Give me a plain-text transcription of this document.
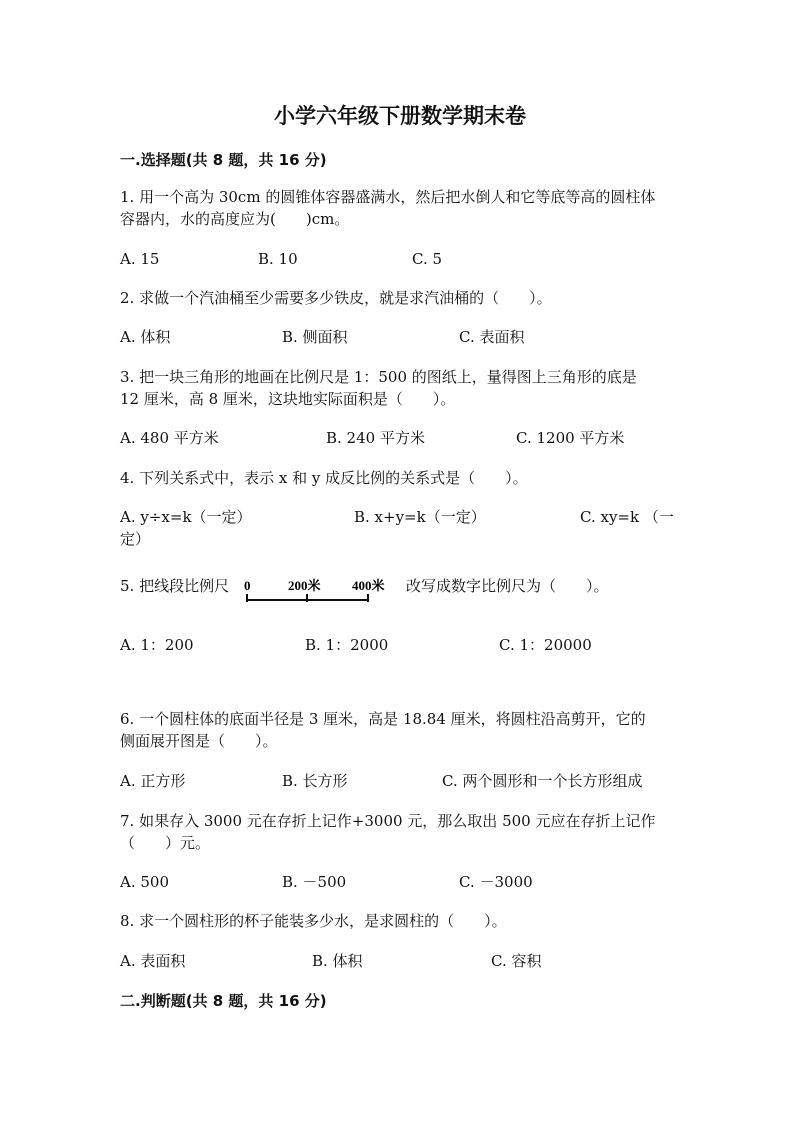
小学六年级下册数学期末卷
一.选择题(共 8 题，共 16 分)
1. 用一个高为 30cm 的圆锥体容器盛满水，然后把水倒人和它等底等高的圆柱体
容器内，水的高度应为(　　)cm。
A. 15	B. 10	C. 5
2. 求做一个汽油桶至少需要多少铁皮，就是求汽油桶的（　　）。
A. 体积	B. 侧面积	C. 表面积
3. 把一块三角形的地画在比例尺是 1：500 的图纸上，量得图上三角形的底是
12 厘米，高 8 厘米，这块地实际面积是（　　）。
A. 480 平方米	B. 240 平方米	C. 1200 平方米
4. 下列关系式中，表示 x 和 y 成反比例的关系式是（　　）。
A. y÷x=k（一定）	B. x+y=k（一定）	C. xy=k （一
定）
5. 把线段比例尺 0	200米 400米 改写成数字比例尺为（　　）。
A. 1：200	B. 1：2000	C. 1：20000
6. 一个圆柱体的底面半径是 3 厘米，高是 18.84 厘米，将圆柱沿高剪开，它的
侧面展开图是（　　）。
A. 正方形	B. 长方形	C. 两个圆形和一个长方形组成
7. 如果存入 3000 元在存折上记作+3000 元，那么取出 500 元应在存折上记作
（　　）元。
A. 500	B. －500	C. －3000
8. 求一个圆柱形的杯子能装多少水，是求圆柱的（　　）。
A. 表面积	B. 体积	C. 容积
二.判断题(共 8 题，共 16 分)
